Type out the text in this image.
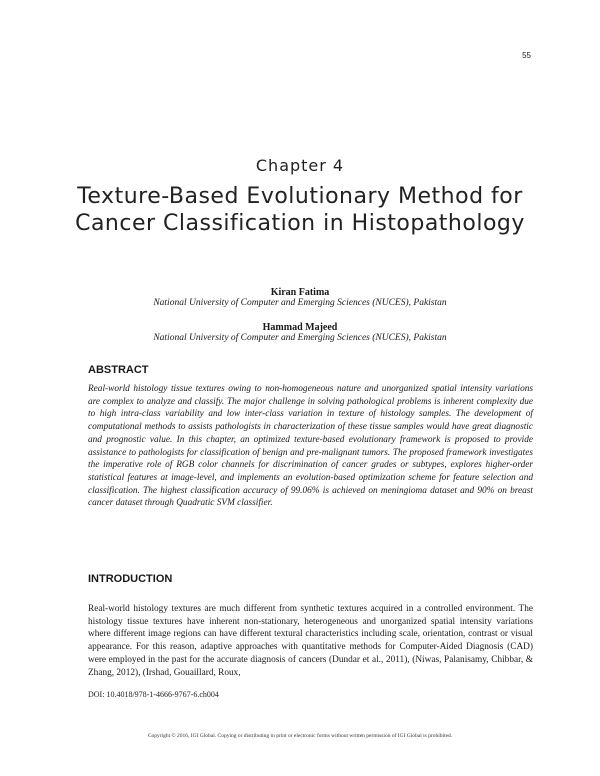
55
Chapter 4
Texture-Based Evolutionary Method for Cancer Classification in Histopathology
Kiran Fatima
National University of Computer and Emerging Sciences (NUCES), Pakistan
Hammad Majeed
National University of Computer and Emerging Sciences (NUCES), Pakistan
ABSTRACT

Real-world histology tissue textures owing to non-homogeneous nature and unorganized spatial intensity variations are complex to analyze and classify. The major challenge in solving pathological problems is inherent complexity due to high intra-class variability and low inter-class variation in texture of histology samples. The development of computational methods to assists pathologists in characterization of these tissue samples would have great diagnostic and prognostic value. In this chapter, an optimized texture-based evolutionary framework is proposed to provide assistance to pathologists for classification of benign and pre-malignant tumors. The proposed framework investigates the imperative role of RGB color channels for discrimination of cancer grades or subtypes, explores higher-order statistical features at image-level, and implements an evolution-based optimization scheme for feature selection and classification. The highest classification accuracy of 99.06% is achieved on meningioma dataset and 90% on breast cancer dataset through Quadratic SVM classifier.

INTRODUCTION

Real-world histology textures are much different from synthetic textures acquired in a controlled environment. The histology tissue textures have inherent non-stationary, heterogeneous and unorganized spatial intensity variations where different image regions can have different textural characteristics including scale, orientation, contrast or visual appearance. For this reason, adaptive approaches with quantitative methods for Computer-Aided Diagnosis (CAD) were employed in the past for the accurate diagnosis of cancers (Dundar et al., 2011), (Niwas, Palanisamy, Chibbar, & Zhang, 2012), (Irshad, Gouaillard, Roux,

DOI: 10.4018/978-1-4666-9767-6.ch004
Copyright © 2016, IGI Global. Copying or distributing in print or electronic forms without written permission of IGI Global is prohibited.
